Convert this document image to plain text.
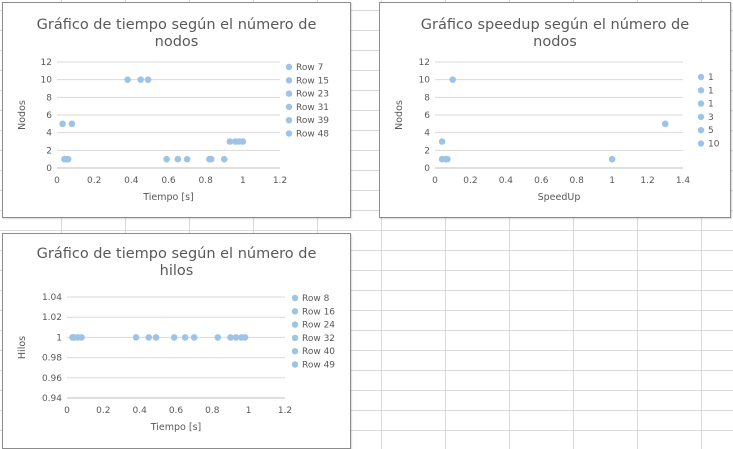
Gráfico de tiempo según el número de
nodos
0
2
4
6
8
10
12
0	0.2	0.4	0.6	0.8	1	1.2
Tiempo [s]
Nodos
Row 7
Row 15
Row 23
Row 31
Row 39
Row 48
Gráfico speedup según el número de
nodos
0
2
4
6
8
10
12
0	0.2 0.4 0.6 0.8	1	1.2 1.4
SpeedUp
Nodos
1
1
1
3
5
10
Gráfico de tiempo según el número de
hilos
0.94
0.96
0.98
1
1.02
1.04
0	0.2 0.4 0.6 0.8	1	1.2
Tiempo [s]
Hilos
Row 8
Row 16
Row 24
Row 32
Row 40
Row 49
